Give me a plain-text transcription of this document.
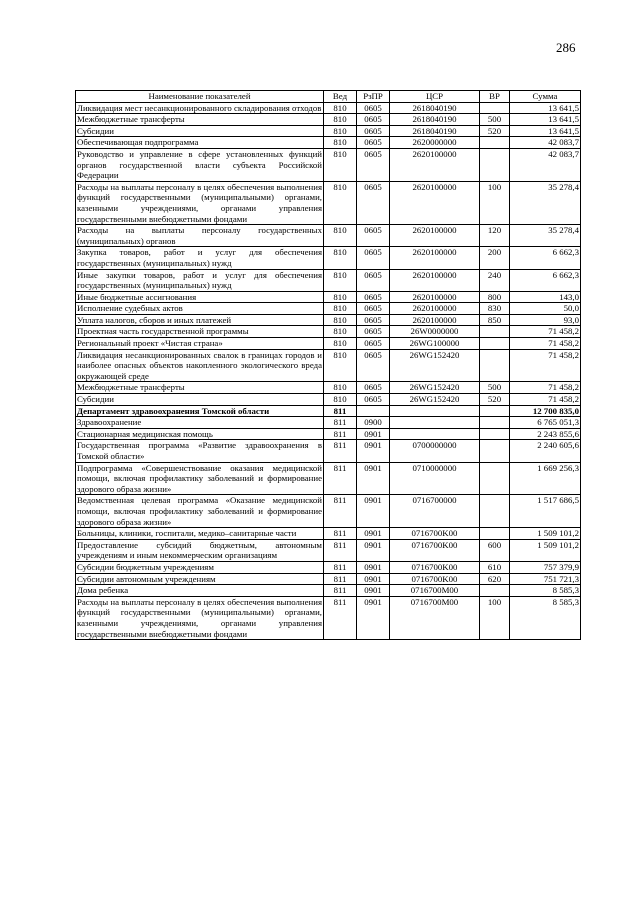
286
Наименование показателей	Вед	РзПР	ЦСР	ВР	Сумма
Ликвидация мест несанкционированного складирования отходов	810	0605	2618040190		13 641,5
Межбюджетные трансферты	810	0605	2618040190	500	13 641,5
Субсидии	810	0605	2618040190	520	13 641,5
Обеспечивающая подпрограмма	810	0605	2620000000		42 083,7
Руководство и управление в сфере установленных функций органов государственной власти субъекта Российской Федерации	810	0605	2620100000		42 083,7
Расходы на выплаты персоналу в целях обеспечения выполнения функций государственными (муниципальными) органами, казенными учреждениями, органами управления государственными внебюджетными фондами	810	0605	2620100000	100	35 278,4
Расходы на выплаты персоналу государственных (муниципальных) органов	810	0605	2620100000	120	35 278,4
Закупка товаров, работ и услуг для обеспечения государственных (муниципальных) нужд	810	0605	2620100000	200	6 662,3
Иные закупки товаров, работ и услуг для обеспечения государственных (муниципальных) нужд	810	0605	2620100000	240	6 662,3
Иные бюджетные ассигнования	810	0605	2620100000	800	143,0
Исполнение судебных актов	810	0605	2620100000	830	50,0
Уплата налогов, сборов и иных платежей	810	0605	2620100000	850	93,0
Проектная часть государственной программы	810	0605	26W0000000		71 458,2
Региональный проект «Чистая страна»	810	0605	26WG100000		71 458,2
Ликвидация несанкционированных свалок в границах городов и наиболее опасных объектов накопленного экологического вреда окружающей среде	810	0605	26WG152420		71 458,2
Межбюджетные трансферты	810	0605	26WG152420	500	71 458,2
Субсидии	810	0605	26WG152420	520	71 458,2
Департамент здравоохранения Томской области	811				12 700 835,0
Здравоохранение	811	0900			6 765 051,3
Стационарная медицинская помощь	811	0901			2 243 855,6
Государственная программа «Развитие здравоохранения в Томской области»	811	0901	0700000000		2 240 605,6
Подпрограмма «Совершенствование оказания медицинской помощи, включая профилактику заболеваний и формирование здорового образа жизни»	811	0901	0710000000		1 669 256,3
Ведомственная целевая программа «Оказание медицинской помощи, включая профилактику заболеваний и формирование здорового образа жизни»	811	0901	0716700000		1 517 686,5
Больницы, клиники, госпитали, медико–санитарные части	811	0901	0716700K00		1 509 101,2
Предоставление субсидий бюджетным, автономным учреждениям и иным некоммерческим организациям	811	0901	0716700K00	600	1 509 101,2
Субсидии бюджетным учреждениям	811	0901	0716700K00	610	757 379,9
Субсидии автономным учреждениям	811	0901	0716700K00	620	751 721,3
Дома ребенка	811	0901	0716700M00		8 585,3
Расходы на выплаты персоналу в целях обеспечения выполнения функций государственными (муниципальными) органами, казенными учреждениями, органами управления государственными внебюджетными фондами	811	0901	0716700M00	100	8 585,3
